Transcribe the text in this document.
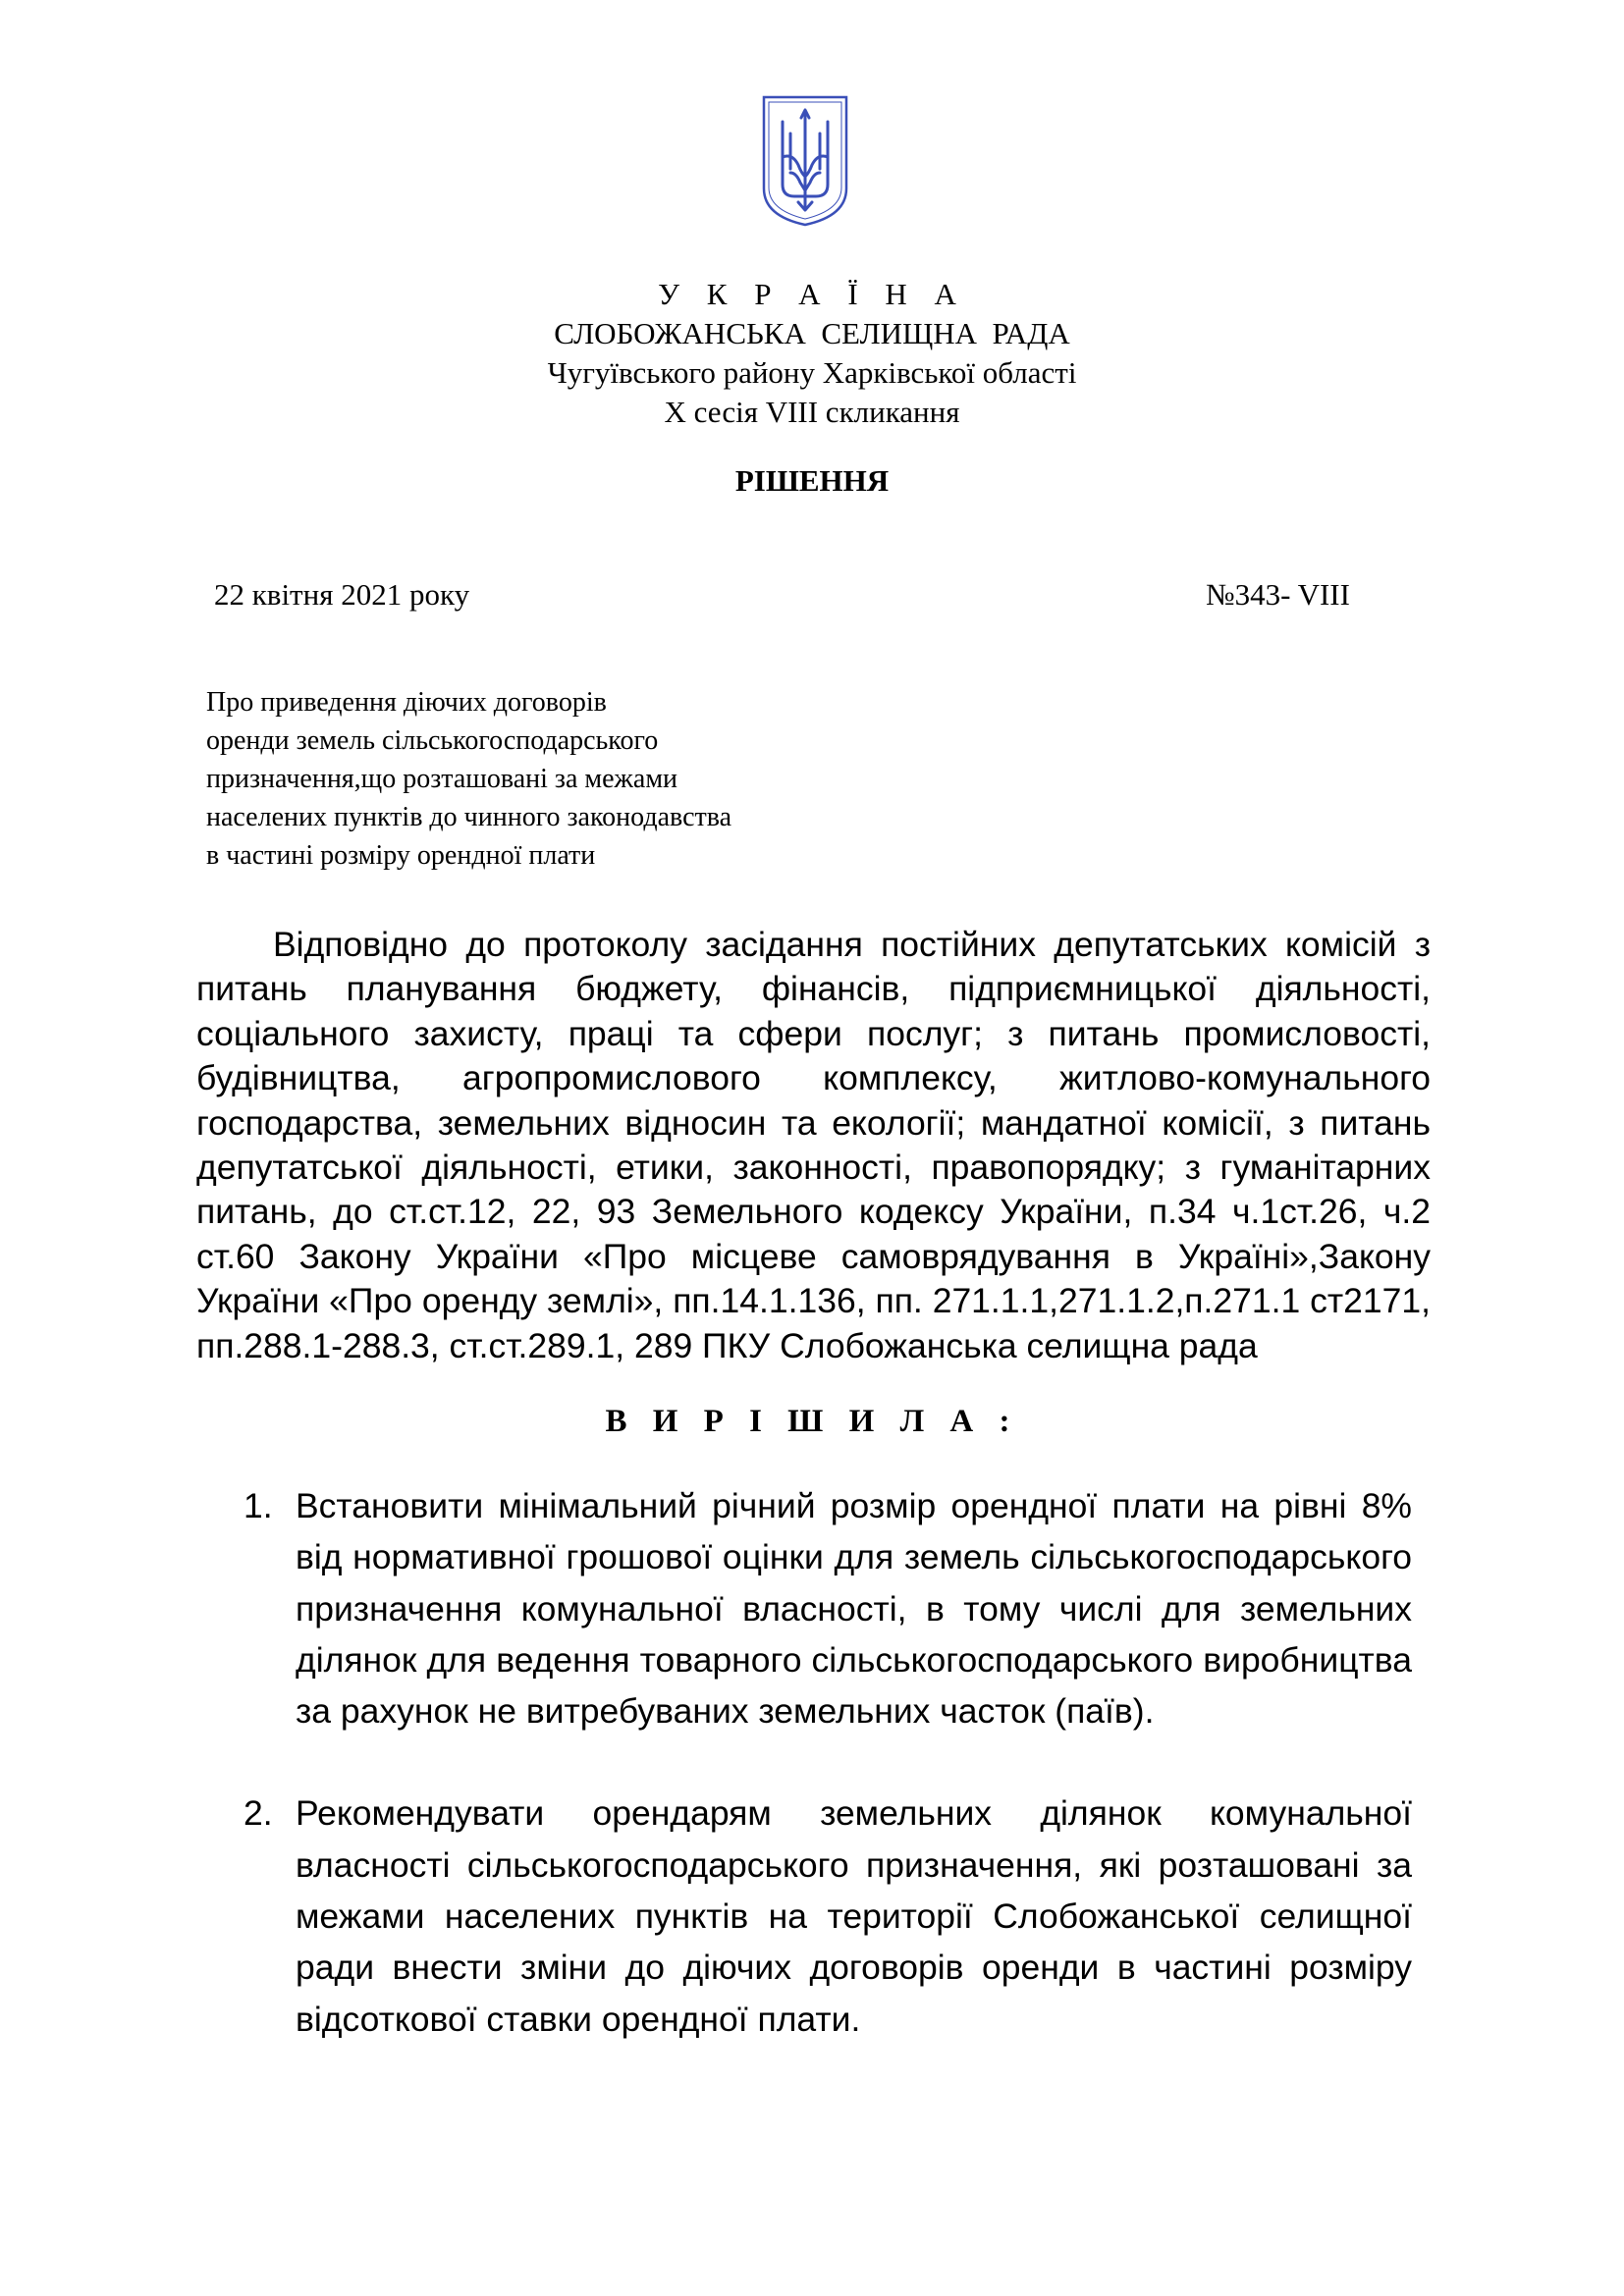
У К Р А Ї Н А
СЛОБОЖАНСЬКА  СЕЛИЩНА  РАДА
Чугуївського району Харківської області
X сесія VIII скликання
РІШЕННЯ
22 квітня 2021 року	№343- VIII
Про приведення діючих договорів
оренди земель сільськогосподарського
призначення,що розташовані за межами
населених пунктів до чинного законодавства
в частині розміру орендної плати

Відповідно до протоколу засідання постійних депутатських комісій з питань планування бюджету, фінансів, підприємницької діяльності, соціального захисту, праці та сфери послуг; з питань промисловості, будівництва, агропромислового комплексу, житлово-комунального господарства, земельних відносин та екології; мандатної комісії, з питань депутатської діяльності, етики, законності, правопорядку; з гуманітарних питань, до ст.ст.12, 22, 93 Земельного кодексу України, п.34 ч.1ст.26, ч.2 ст.60 Закону України «Про місцеве самоврядування в Україні»,Закону України «Про оренду землі», пп.14.1.136, пп. 271.1.1,271.1.2,п.271.1 ст2171, пп.288.1-288.3, ст.ст.289.1, 289 ПКУ Слобожанська селищна рада

В И Р І Ш И Л А :
1. Встановити мінімальний річний розмір орендної плати на рівні 8% від нормативної грошової оцінки для земель сільськогосподарського призначення комунальної власності, в тому числі для земельних ділянок для ведення товарного сільськогосподарського виробництва за рахунок не витребуваних земельних часток (паїв).
2. Рекомендувати орендарям земельних ділянок комунальної власності сільськогосподарського призначення, які розташовані за межами населених пунктів на території Слобожанської селищної ради внести зміни до діючих договорів оренди в частині розміру відсоткової ставки орендної плати.
